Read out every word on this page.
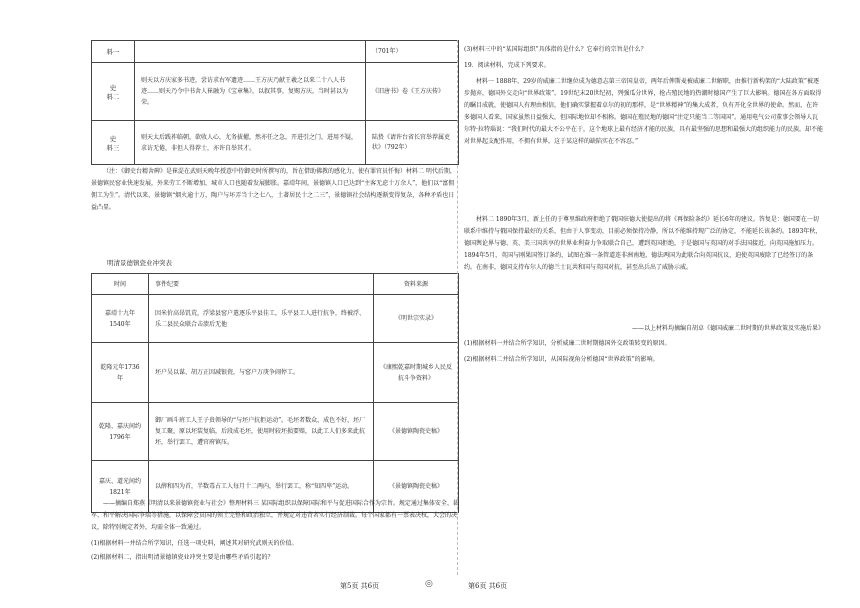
料一		（701年）
史
料二	则天以方庆家多书迹，尝访求右军遗迹……王方庆乃献王羲之以来二十八人书迹……则天乃令中书舍人崔融为《宝章集》，以叙其事，复赐方庆，当时甚以为荣。	《旧唐书》卷《王方庆传》
史
料三	则天太后践祚临朝，欲收人心，尤务拔擢，然亦任之急，开进引之门，进用不疑，求访无倦，非但人得荐士，亦许自举其才。	陆贽《请许台省长官举荐属吏状》（792年）
（注：《御史台精舍碑》是崔湜在武则天晚年授意中侍御史时所撰写的，旨在借助佛教的感化力，使有罪官员忏悔）材料二 明代后期，景德镇民窑业快速发展，外来劳工不断增加，城市人口也随着发展膨胀。嘉靖年间，景德镇人口已达到“主客无虑十万余人”，他们以“富佣佣工为生”。清代以来，景德镇“烟火逾十万，陶户与坏弄当十之七八，土著居民十之二三”，景德镇社会结构逐渐变得复杂，各种矛盾也日益凸显。
明清景德镇瓷业冲突表
时间	事件纪要	资料来源
嘉靖十九年1540年	因米价高昂饥荒，浮梁县窑户遣逐乐平县佳工，乐平县工人进行抗争，终被浮、乐二县民众联合击溃后无他	《明世宗实录》
乾隆元年1736年	坯户吴以谋、胡万正因减银瓷，与窑户万庚争闹停工。	《康熙乾嘉时期城乡人民反抗斗争资料》
乾隆、嘉庆间约1796年	御厂画斗班工人王子贵领导的“与坯户抗拒运动”。毛坯者数众，成色不好，坯厂复工聚，原以坯装复临，后段成毛坯，使用时较坯损要赔，以此工人们多来此抗坯，举行罢工，遭官府镇压。	《景德镇陶瓷史稿》
嘉庆、道光间约1821年	以薛和四为首，半数毒占工人每月十二两内，举行罢工，称“知四卑”运动。	《景德镇陶瓷史稿》
——摘编自郑燕《明清以来景德镇瓷业与社会》整理材料三 某国际组织以保障国际和平与促进国际合作为宗旨。规定通过集体安全、裁军、和平解决国际争端等措施，以保障会员国的领土完整和政治独立，并规定对违背者实行经济制裁。每个国家都有一票表决权，大会的决议，除特别规定者外，均需全体一致通过。
(1)根据材料一并结合所学知识，任选一项史料，阐述其对研究武则天的价值。
(2)根据材料二，指出明清景德镇瓷业冲突主要是由哪些矛盾引起的？
第5页 共6页	◎
(3)材料三中的“某国际组织”具体指的是什么？它奉行的宗旨是什么？
19．阅读材料，完成下列要求。
材料一 1888年，29岁的威廉二世继位成为德意志第三帝国皇帝，两年后俾斯麦被威廉二世解职，由推行新构架的“大陆政策”被逐步抛弃，德国外交走向“世界政策”。19世纪末20世纪初，列强瓜分世界，抢占殖民地的热潮时德国产生了巨大影响。德国在各方面取得的瞩目成就，使德国人有理由相信，他们确实掌握着卓尔的初的那样，是“世界精神”的集大成者，负有开化全世界的使命。然而，在许多德国人看来，国家虽然日益强大，但国际地位却不相称。德国在殖民地的德国“注定只能当二等国国”。通用电气公司董事会领导人瓦尔特·拉特瑙说：“我们时代的最大不公平在于，这个地球上最有经济才能的民族，具有最坚强的思想和最强大的组织能力的民族，却不能对世界起支配作用，不拥有世界，这于某这样的缺陷实在不容忍。”
材料二 1890年3月，新上任的于尊里维政府拒绝了俄国驻德大使提出的将《再保险条约》延长6年的建议。答复是：德国要在一切联系中维持与俄国保持最好的关系，但由于人事变动，目前必须保持冷静，所以不能维持现广泛的协定，不能延长该条约。1893年秋，德国舆论界与德、英、美三国共享的世界业利奋力争取联合自己，遭到英国拒绝，于是德国与英国的对手法国接近，向英国施加压力。1894年5月，英国与刚果国签订条约，试图在维一条管道连非洲南地，德法两国为此联合向英国抗议，迫使英国废除了已经签订的条约。在南非，德国支持布尔人的德兰士瓦共和国与英国对抗，甚至出兵出了威胁示威。
——以上材料均摘编自胡卓《德国威廉二世时期的世界政策及实施后果》
(1)根据材料一并结合所学知识，分析威廉二世时期德国外交政策转变的原因。
(2)根据材料二并结合所学知识，从国际视角分析德国“世界政策”的影响。
第6页 共6页
